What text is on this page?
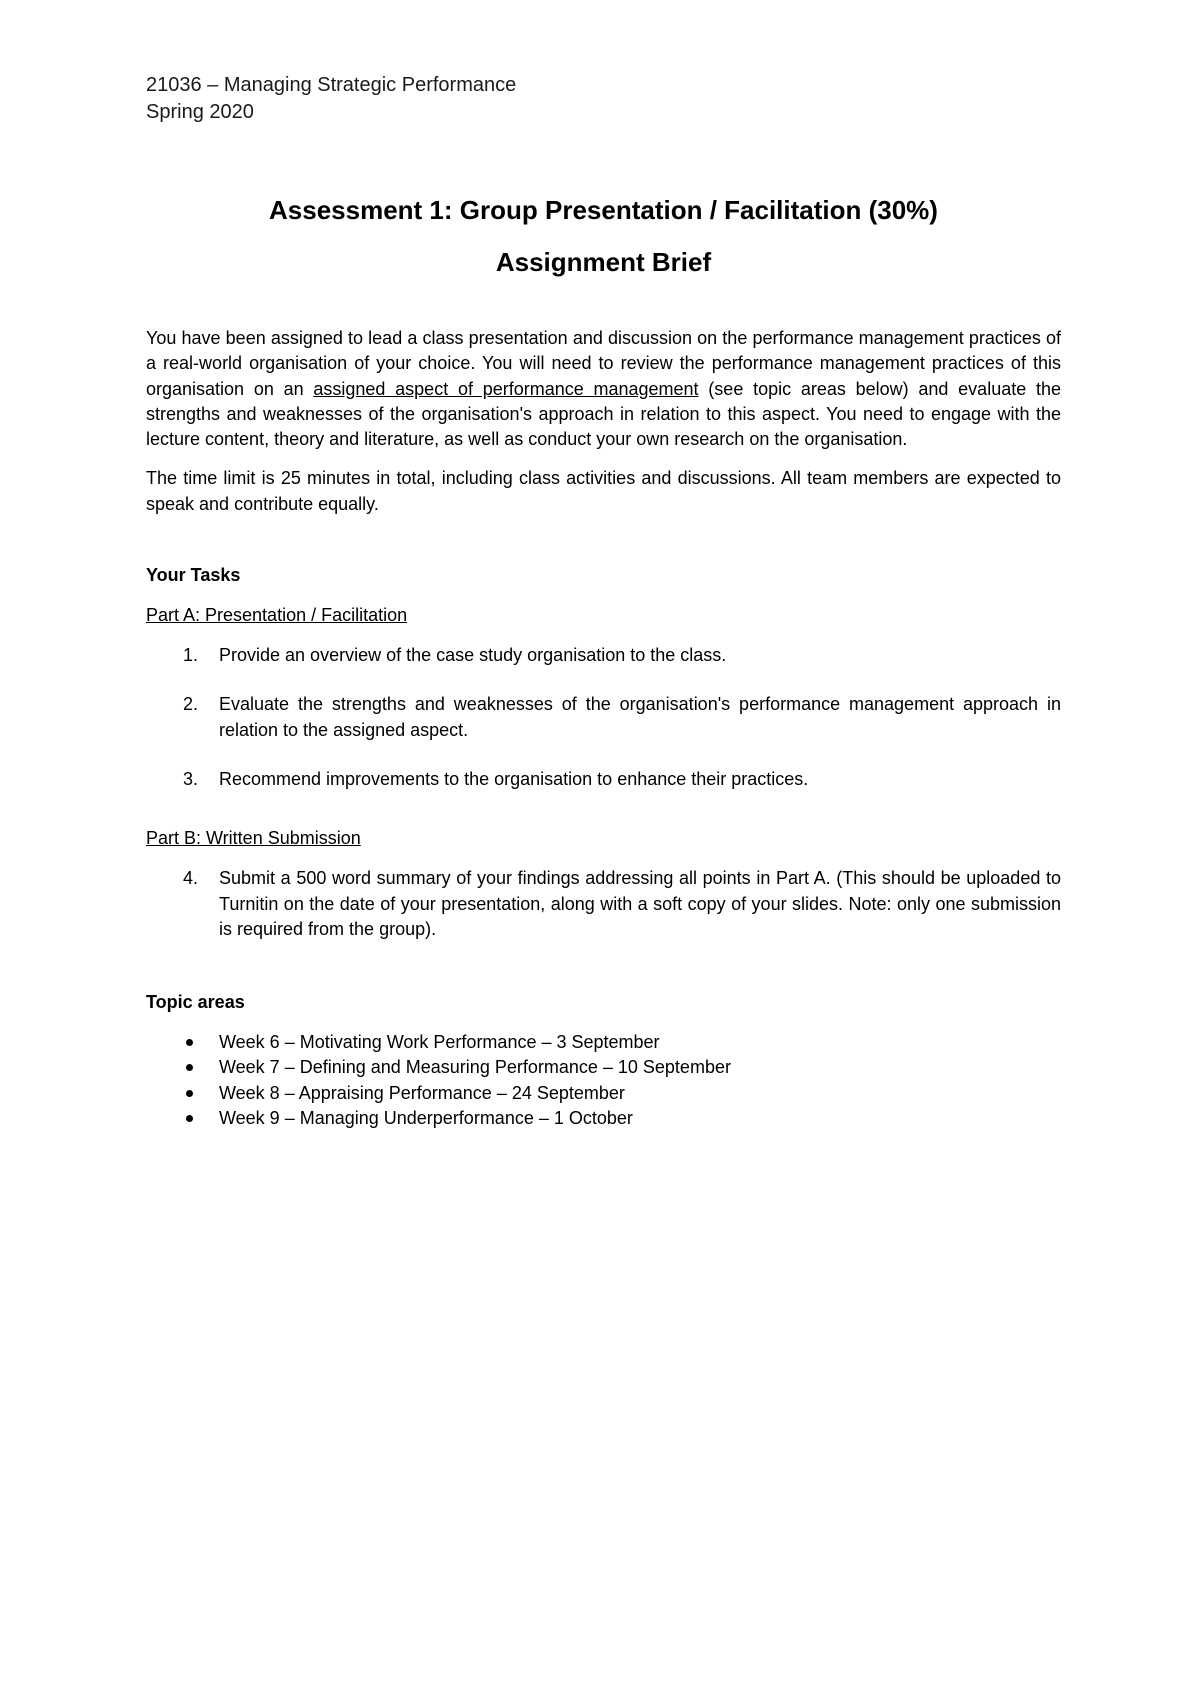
21036 – Managing Strategic Performance
Spring 2020
Assessment 1: Group Presentation / Facilitation (30%)
Assignment Brief

You have been assigned to lead a class presentation and discussion on the performance management practices of a real-world organisation of your choice. You will need to review the performance management practices of this organisation on an assigned aspect of performance management (see topic areas below) and evaluate the strengths and weaknesses of the organisation's approach in relation to this aspect. You need to engage with the lecture content, theory and literature, as well as conduct your own research on the organisation.

The time limit is 25 minutes in total, including class activities and discussions. All team members are expected to speak and contribute equally.

Your Tasks

Part A: Presentation / Facilitation

1. Provide an overview of the case study organisation to the class.
2. Evaluate the strengths and weaknesses of the organisation's performance management approach in relation to the assigned aspect.
3. Recommend improvements to the organisation to enhance their practices.

Part B: Written Submission

4. Submit a 500 word summary of your findings addressing all points in Part A. (This should be uploaded to Turnitin on the date of your presentation, along with a soft copy of your slides. Note: only one submission is required from the group).

Topic areas

Week 6 – Motivating Work Performance – 3 September
Week 7 – Defining and Measuring Performance – 10 September
Week 8 – Appraising Performance – 24 September
Week 9 – Managing Underperformance – 1 October
